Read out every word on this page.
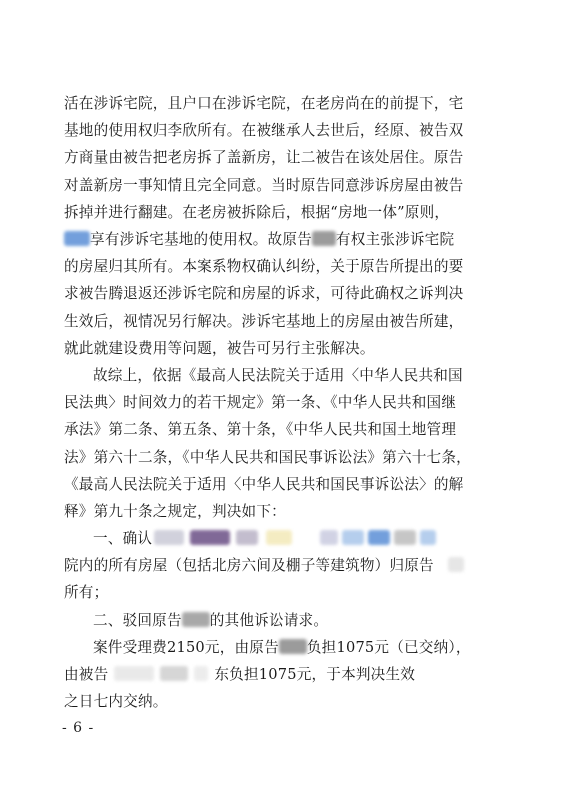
活在涉诉宅院，且户口在涉诉宅院，在老房尚在的前提下，宅
基地的使用权归李欣所有。在被继承人去世后，经原、被告双
方商量由被告把老房拆了盖新房，让二被告在该处居住。原告
对盖新房一事知情且完全同意。当时原告同意涉诉房屋由被告
拆掉并进行翻建。在老房被拆除后，根据“房地一体”原则，
享有涉诉宅基地的使用权。故原告 有权主张涉诉宅院
的房屋归其所有。本案系物权确认纠纷，关于原告所提出的要
求被告腾退返还涉诉宅院和房屋的诉求，可待此确权之诉判决
生效后，视情况另行解决。涉诉宅基地上的房屋由被告所建，
就此就建设费用等问题，被告可另行主张解决。
故综上，依据《最高人民法院关于适用〈中华人民共和国
民法典〉时间效力的若干规定》第一条、《中华人民共和国继
承法》第二条、第五条、第十条，《中华人民共和国土地管理
法》第六十二条，《中华人民共和国民事诉讼法》第六十七条，
《最高人民法院关于适用〈中华人民共和国民事诉讼法〉的解
释》第九十条之规定，判决如下：
一、确认
院内的所有房屋（包括北房六间及棚子等建筑物）归原告
所有；
二、驳回原告 的其他诉讼请求。
案件受理费2150元，由原告 负担1075元（已交纳），
由被告	东负担1075元，于本判决生效
之日七内交纳。
- 6 -
